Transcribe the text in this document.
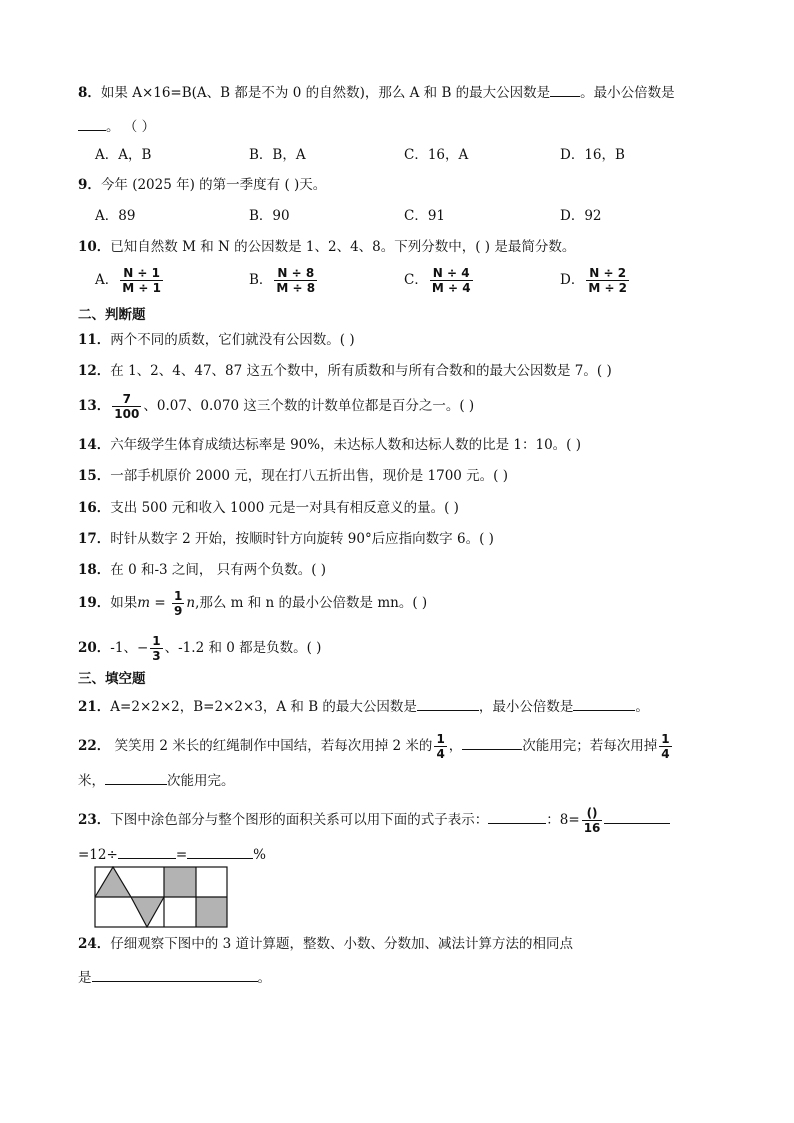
8．如果 A×16=B(A、B 都是不为 0 的自然数)，那么 A 和 B 的最大公因数是 。最小公倍数是
。 （ ）
A．A，B	B．B，A	C．16，A	D．16，B
9．今年 (2025 年) 的第一季度有 ( )天。
A．89	B．90	C．91	D．92
10．已知自然数 M 和 N 的公因数是 1、2、4、8。下列分数中，( ) 是最简分数。
A． $\frac{N \div 1}{M \div 1}$	B． $\frac{N \div 8}{M \div 8}$	C． $\frac{N \div 4}{M \div 4}$	D． $\frac{N \div 2}{M \div 2}$
二、判断题
11．两个不同的质数，它们就没有公因数。( )
12．在 1、2、4、47、87 这五个数中，所有质数和与所有合数和的最大公因数是 7。( )
13． $\frac{7}{100}$ 、0.07、0.070 这三个数的计数单位都是百分之一。( )
14．六年级学生体育成绩达标率是 90%，未达标人数和达标人数的比是 1：10。( )
15．一部手机原价 2000 元，现在打八五折出售，现价是 1700 元。( )
16．支出 500 元和收入 1000 元是一对具有相反意义的量。( )
17．时针从数字 2 开始，按顺时针方向旋转 90°后应指向数字 6。( )
18．在 0 和-3 之间， 只有两个负数。( )
19．如果$m = \frac{1}{9} n$,那么 m 和 n 的最小公倍数是 mn。( )
20．-1、− $\frac{1}{3}$ 、-1.2 和 0 都是负数。( )
三、填空题
21．A=2×2×2，B=2×2×3，A 和 B 的最大公因数是	，最小公倍数是	。
22． 笑笑用 2 米长的红绳制作中国结，若每次用掉 2 米的 $\frac{1}{4}$ ，	次能用完；若每次用掉 $\frac{1}{4}$
米，	次能用完。
23．下图中涂色部分与整个图形的面积关系可以用下面的式子表示：	：$8= \frac{()}{16}$
=12÷	=	%
24．仔细观察下图中的 3 道计算题，整数、小数、分数加、减法计算方法的相同点
是	。
